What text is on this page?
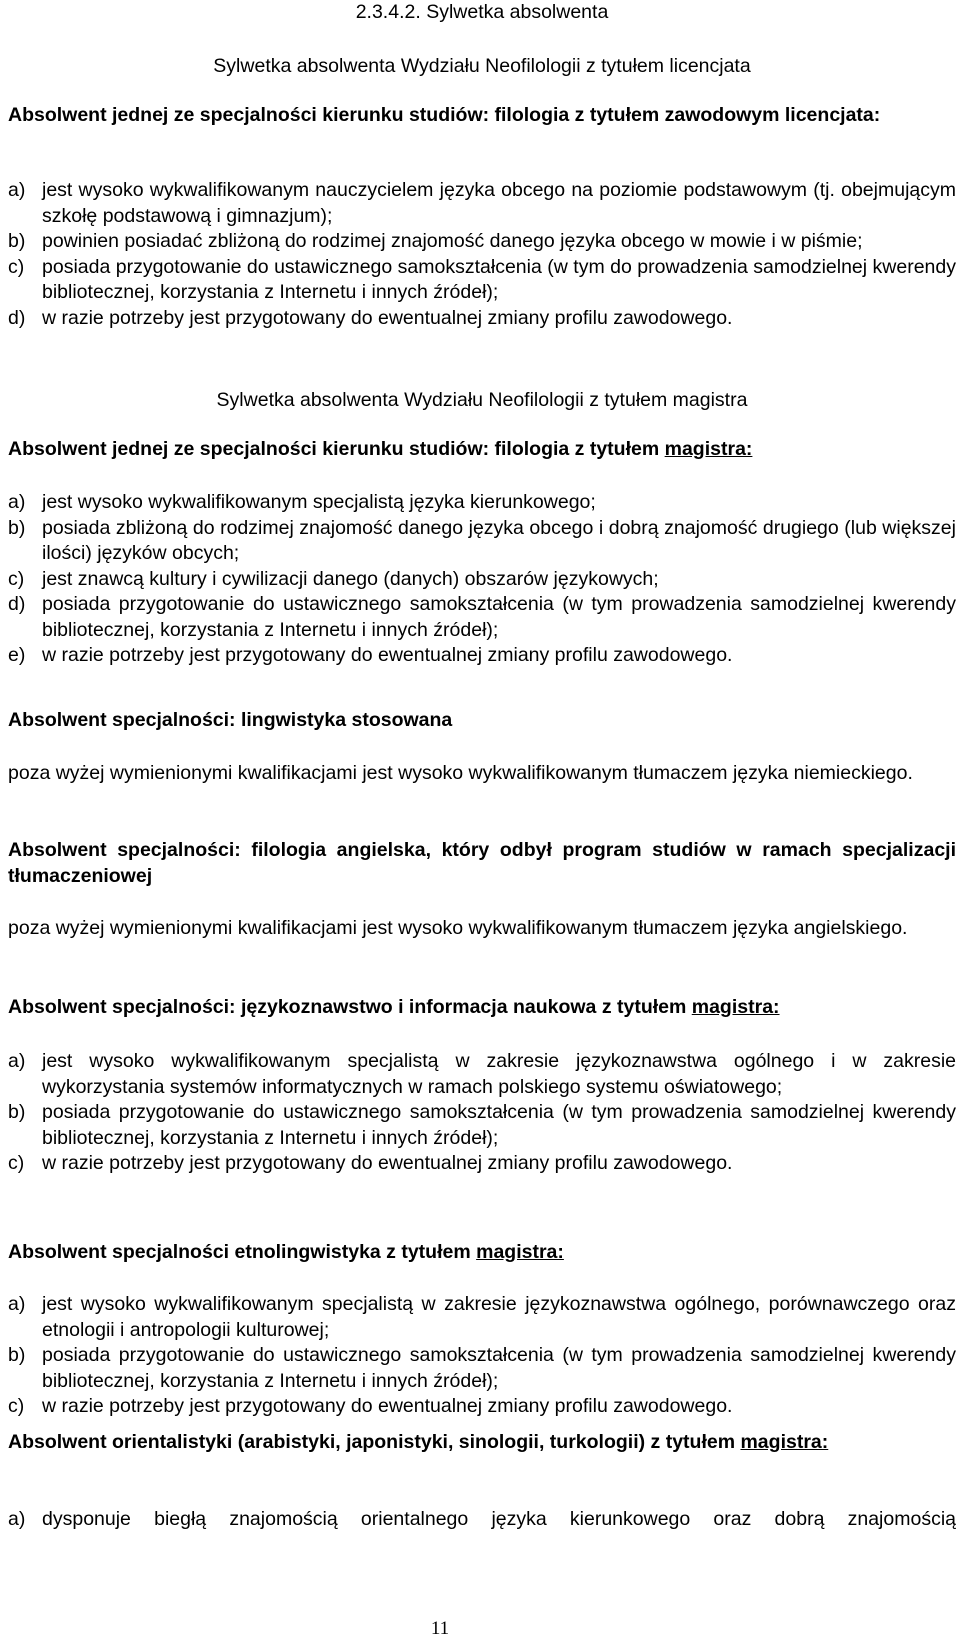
2.3.4.2. Sylwetka absolwenta
Sylwetka absolwenta Wydziału Neofilologii z tytułem licencjata
Absolwent jednej ze specjalności kierunku studiów: filologia z tytułem zawodowym licencjata:
a) jest wysoko wykwalifikowanym nauczycielem języka obcego na poziomie podstawowym (tj. obejmującym szkołę podstawową i gimnazjum);
b) powinien posiadać zbliżoną do rodzimej znajomość danego języka obcego w mowie i w piśmie;
c) posiada przygotowanie do ustawicznego samokształcenia (w tym do prowadzenia samodzielnej kwerendy bibliotecznej, korzystania z Internetu i innych źródeł);
d) w razie potrzeby jest przygotowany do ewentualnej zmiany profilu zawodowego.
Sylwetka absolwenta Wydziału Neofilologii z tytułem magistra
Absolwent jednej ze specjalności kierunku studiów: filologia z tytułem magistra:
a) jest wysoko wykwalifikowanym specjalistą języka kierunkowego;
b) posiada zbliżoną do rodzimej znajomość danego języka obcego i dobrą znajomość drugiego (lub większej ilości) języków obcych;
c) jest znawcą kultury i cywilizacji danego (danych) obszarów językowych;
d) posiada przygotowanie do ustawicznego samokształcenia (w tym prowadzenia samodzielnej kwerendy bibliotecznej, korzystania z Internetu i innych źródeł);
e) w razie potrzeby jest przygotowany do ewentualnej zmiany profilu zawodowego.
Absolwent specjalności: lingwistyka stosowana
poza wyżej wymienionymi kwalifikacjami jest wysoko wykwalifikowanym tłumaczem języka niemieckiego.
Absolwent specjalności: filologia angielska, który odbył program studiów w ramach specjalizacji tłumaczeniowej
poza wyżej wymienionymi kwalifikacjami jest wysoko wykwalifikowanym tłumaczem języka angielskiego.
Absolwent specjalności: językoznawstwo i informacja naukowa z tytułem magistra:
a) jest wysoko wykwalifikowanym specjalistą w zakresie językoznawstwa ogólnego i w zakresie wykorzystania systemów informatycznych w ramach polskiego systemu oświatowego;
b) posiada przygotowanie do ustawicznego samokształcenia (w tym prowadzenia samodzielnej kwerendy bibliotecznej, korzystania z Internetu i innych źródeł);
c) w razie potrzeby jest przygotowany do ewentualnej zmiany profilu zawodowego.
Absolwent specjalności etnolingwistyka z tytułem magistra:
a) jest wysoko wykwalifikowanym specjalistą w zakresie językoznawstwa ogólnego, porównawczego oraz etnologii i antropologii kulturowej;
b) posiada przygotowanie do ustawicznego samokształcenia (w tym prowadzenia samodzielnej kwerendy bibliotecznej, korzystania z Internetu i innych źródeł);
c) w razie potrzeby jest przygotowany do ewentualnej zmiany profilu zawodowego.
Absolwent orientalistyki (arabistyki, japonistyki, sinologii, turkologii) z tytułem magistra:
a) dysponuje biegłą znajomością orientalnego języka kierunkowego oraz dobrą znajomością
11
